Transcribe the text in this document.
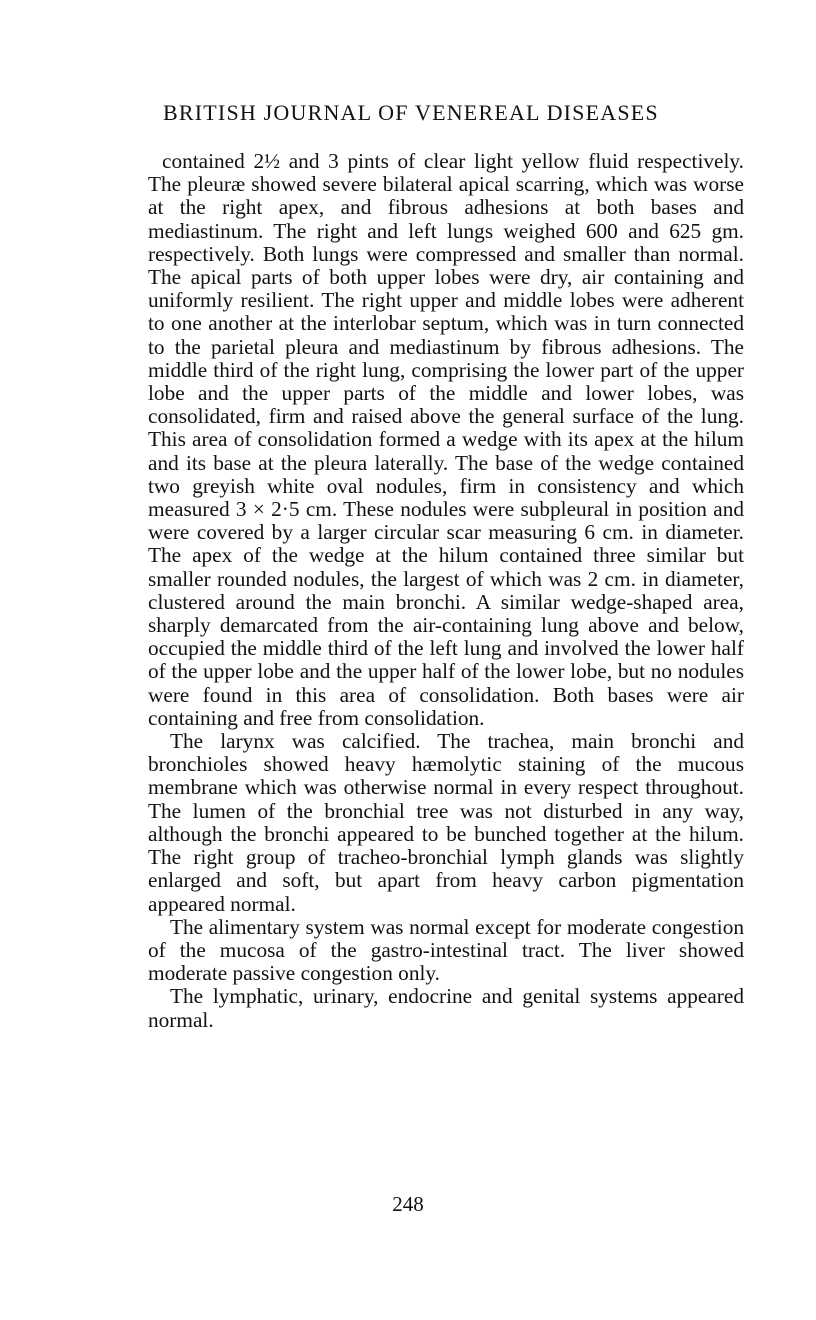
BRITISH JOURNAL OF VENEREAL DISEASES

contained 2½ and 3 pints of clear light yellow fluid respectively. The pleuræ showed severe bilateral apical scarring, which was worse at the right apex, and fibrous adhesions at both bases and mediastinum. The right and left lungs weighed 600 and 625 gm. respectively. Both lungs were compressed and smaller than normal. The apical parts of both upper lobes were dry, air containing and uniformly resilient. The right upper and middle lobes were adherent to one another at the interlobar septum, which was in turn connected to the parietal pleura and mediastinum by fibrous adhesions. The middle third of the right lung, comprising the lower part of the upper lobe and the upper parts of the middle and lower lobes, was consolidated, firm and raised above the general surface of the lung. This area of consolidation formed a wedge with its apex at the hilum and its base at the pleura laterally. The base of the wedge contained two greyish white oval nodules, firm in consistency and which measured 3 × 2·5 cm. These nodules were subpleural in position and were covered by a larger circular scar measuring 6 cm. in diameter. The apex of the wedge at the hilum contained three similar but smaller rounded nodules, the largest of which was 2 cm. in diameter, clustered around the main bronchi. A similar wedge-shaped area, sharply demarcated from the air-containing lung above and below, occupied the middle third of the left lung and involved the lower half of the upper lobe and the upper half of the lower lobe, but no nodules were found in this area of consolidation. Both bases were air containing and free from consolidation.

The larynx was calcified. The trachea, main bronchi and bronchioles showed heavy hæmolytic staining of the mucous membrane which was otherwise normal in every respect throughout. The lumen of the bronchial tree was not disturbed in any way, although the bronchi appeared to be bunched together at the hilum. The right group of tracheo-bronchial lymph glands was slightly enlarged and soft, but apart from heavy carbon pigmentation appeared normal.

The alimentary system was normal except for moderate congestion of the mucosa of the gastro-intestinal tract. The liver showed moderate passive congestion only.

The lymphatic, urinary, endocrine and genital systems appeared normal.

248
